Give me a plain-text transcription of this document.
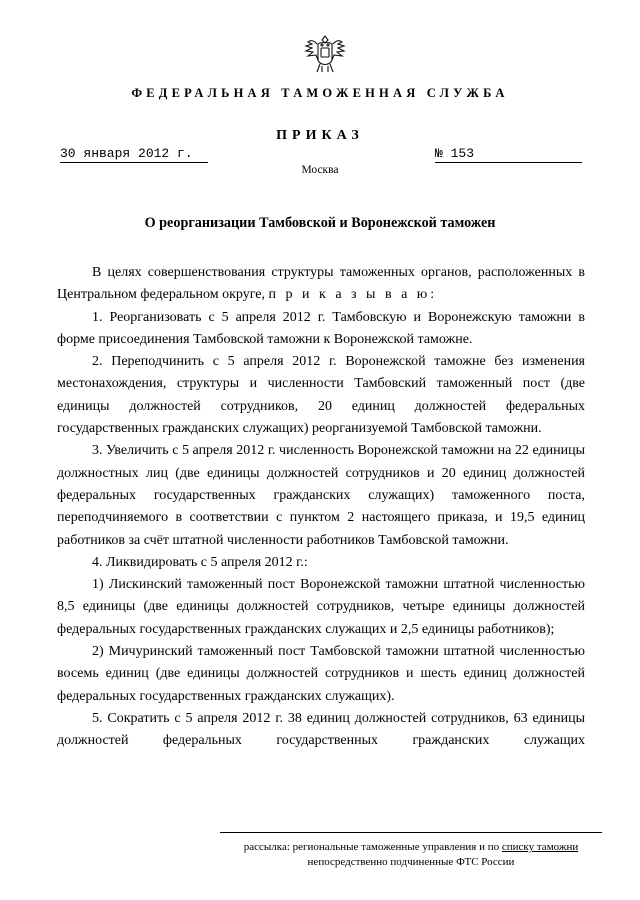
ФЕДЕРАЛЬНАЯ ТАМОЖЕННАЯ СЛУЖБА
ПРИКАЗ
30 января 2012 г.	№ 153
Москва
О реорганизации Тамбовской и Воронежской таможен

В целях совершенствования структуры таможенных органов, расположенных в Центральном федеральном округе, п р и к а з ы в а ю:

1. Реорганизовать с 5 апреля 2012 г. Тамбовскую и Воронежскую таможни в форме присоединения Тамбовской таможни к Воронежской таможне.

2. Переподчинить с 5 апреля 2012 г. Воронежской таможне без изменения местонахождения, структуры и численности Тамбовский таможенный пост (две единицы должностей сотрудников, 20 единиц должностей федеральных государственных гражданских служащих) реорганизуемой Тамбовской таможни.

3. Увеличить с 5 апреля 2012 г. численность Воронежской таможни на 22 единицы должностных лиц (две единицы должностей сотрудников и 20 единиц должностей федеральных государственных гражданских служащих) таможенного поста, переподчиняемого в соответствии с пунктом 2 настоящего приказа, и 19,5 единиц работников за счёт штатной численности работников Тамбовской таможни.

4. Ликвидировать с 5 апреля 2012 г.:

1) Лискинский таможенный пост Воронежской таможни штатной численностью 8,5 единицы (две единицы должностей сотрудников, четыре единицы должностей федеральных государственных гражданских служащих и 2,5 единицы работников);

2) Мичуринский таможенный пост Тамбовской таможни штатной численностью восемь единиц (две единицы должностей сотрудников и шесть единиц должностей федеральных государственных гражданских служащих).

5. Сократить с 5 апреля 2012 г. 38 единиц должностей сотрудников, 63 единицы должностей федеральных государственных гражданских служащих

рассылка: региональные таможенные управления и по списку таможни
непосредственно подчиненные ФТС России
